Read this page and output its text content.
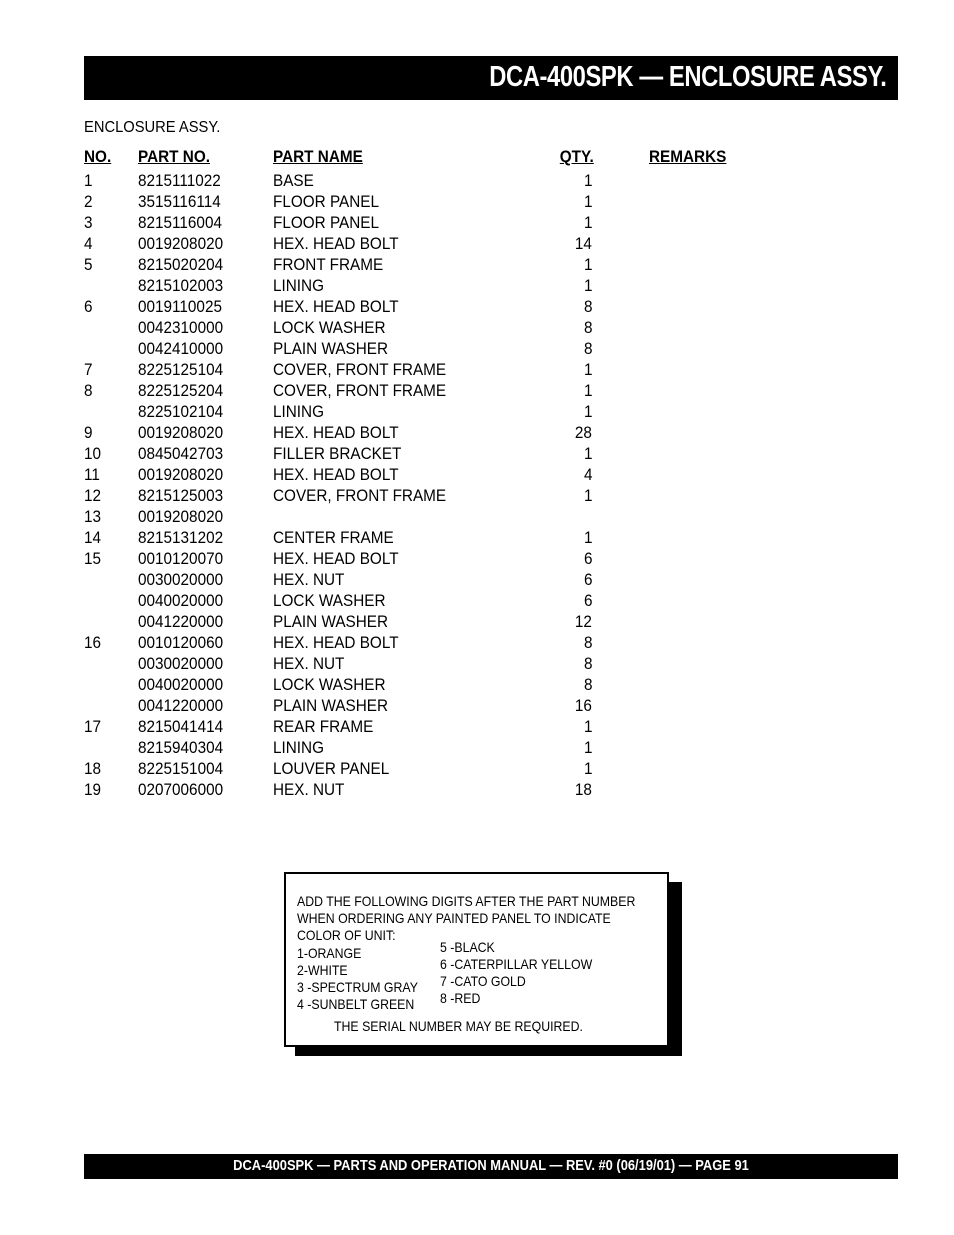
DCA-400SPK — ENCLOSURE ASSY.
ENCLOSURE ASSY.
NO. PART NO.	PART NAME	QTY.	REMARKS
1	8215111022	BASE	1
2	3515116114	FLOOR PANEL	1
3	8215116004	FLOOR PANEL	1
4	0019208020	HEX. HEAD BOLT	14
5	8215020204	FRONT FRAME	1
8215102003	LINING	1
6	0019110025	HEX. HEAD BOLT	8
0042310000	LOCK WASHER	8
0042410000	PLAIN WASHER	8
7	8225125104	COVER, FRONT FRAME	1
8	8225125204	COVER, FRONT FRAME	1
8225102104	LINING	1
9	0019208020	HEX. HEAD BOLT	28
10 0845042703	FILLER BRACKET	1
11 0019208020	HEX. HEAD BOLT	4
12 8215125003	COVER, FRONT FRAME	1
13 0019208020
14 8215131202	CENTER FRAME	1
15 0010120070	HEX. HEAD BOLT	6
0030020000	HEX. NUT	6
0040020000	LOCK WASHER	6
0041220000	PLAIN WASHER	12
16 0010120060	HEX. HEAD BOLT	8
0030020000	HEX. NUT	8
0040020000	LOCK WASHER	8
0041220000	PLAIN WASHER	16
17 8215041414	REAR FRAME	1
8215940304	LINING	1
18 8225151004	LOUVER PANEL	1
19 0207006000	HEX. NUT	18
ADD THE FOLLOWING DIGITS AFTER THE PART NUMBER
WHEN ORDERING ANY PAINTED PANEL TO INDICATE
COLOR OF UNIT:
1-ORANGE
2-WHITE
3 -SPECTRUM GRAY
4 -SUNBELT GREEN
5 -BLACK
6 -CATERPILLAR YELLOW
7 -CATO GOLD
8 -RED
THE SERIAL NUMBER MAY BE REQUIRED.
DCA-400SPK — PARTS AND OPERATION MANUAL — REV. #0 (06/19/01) — PAGE 91
